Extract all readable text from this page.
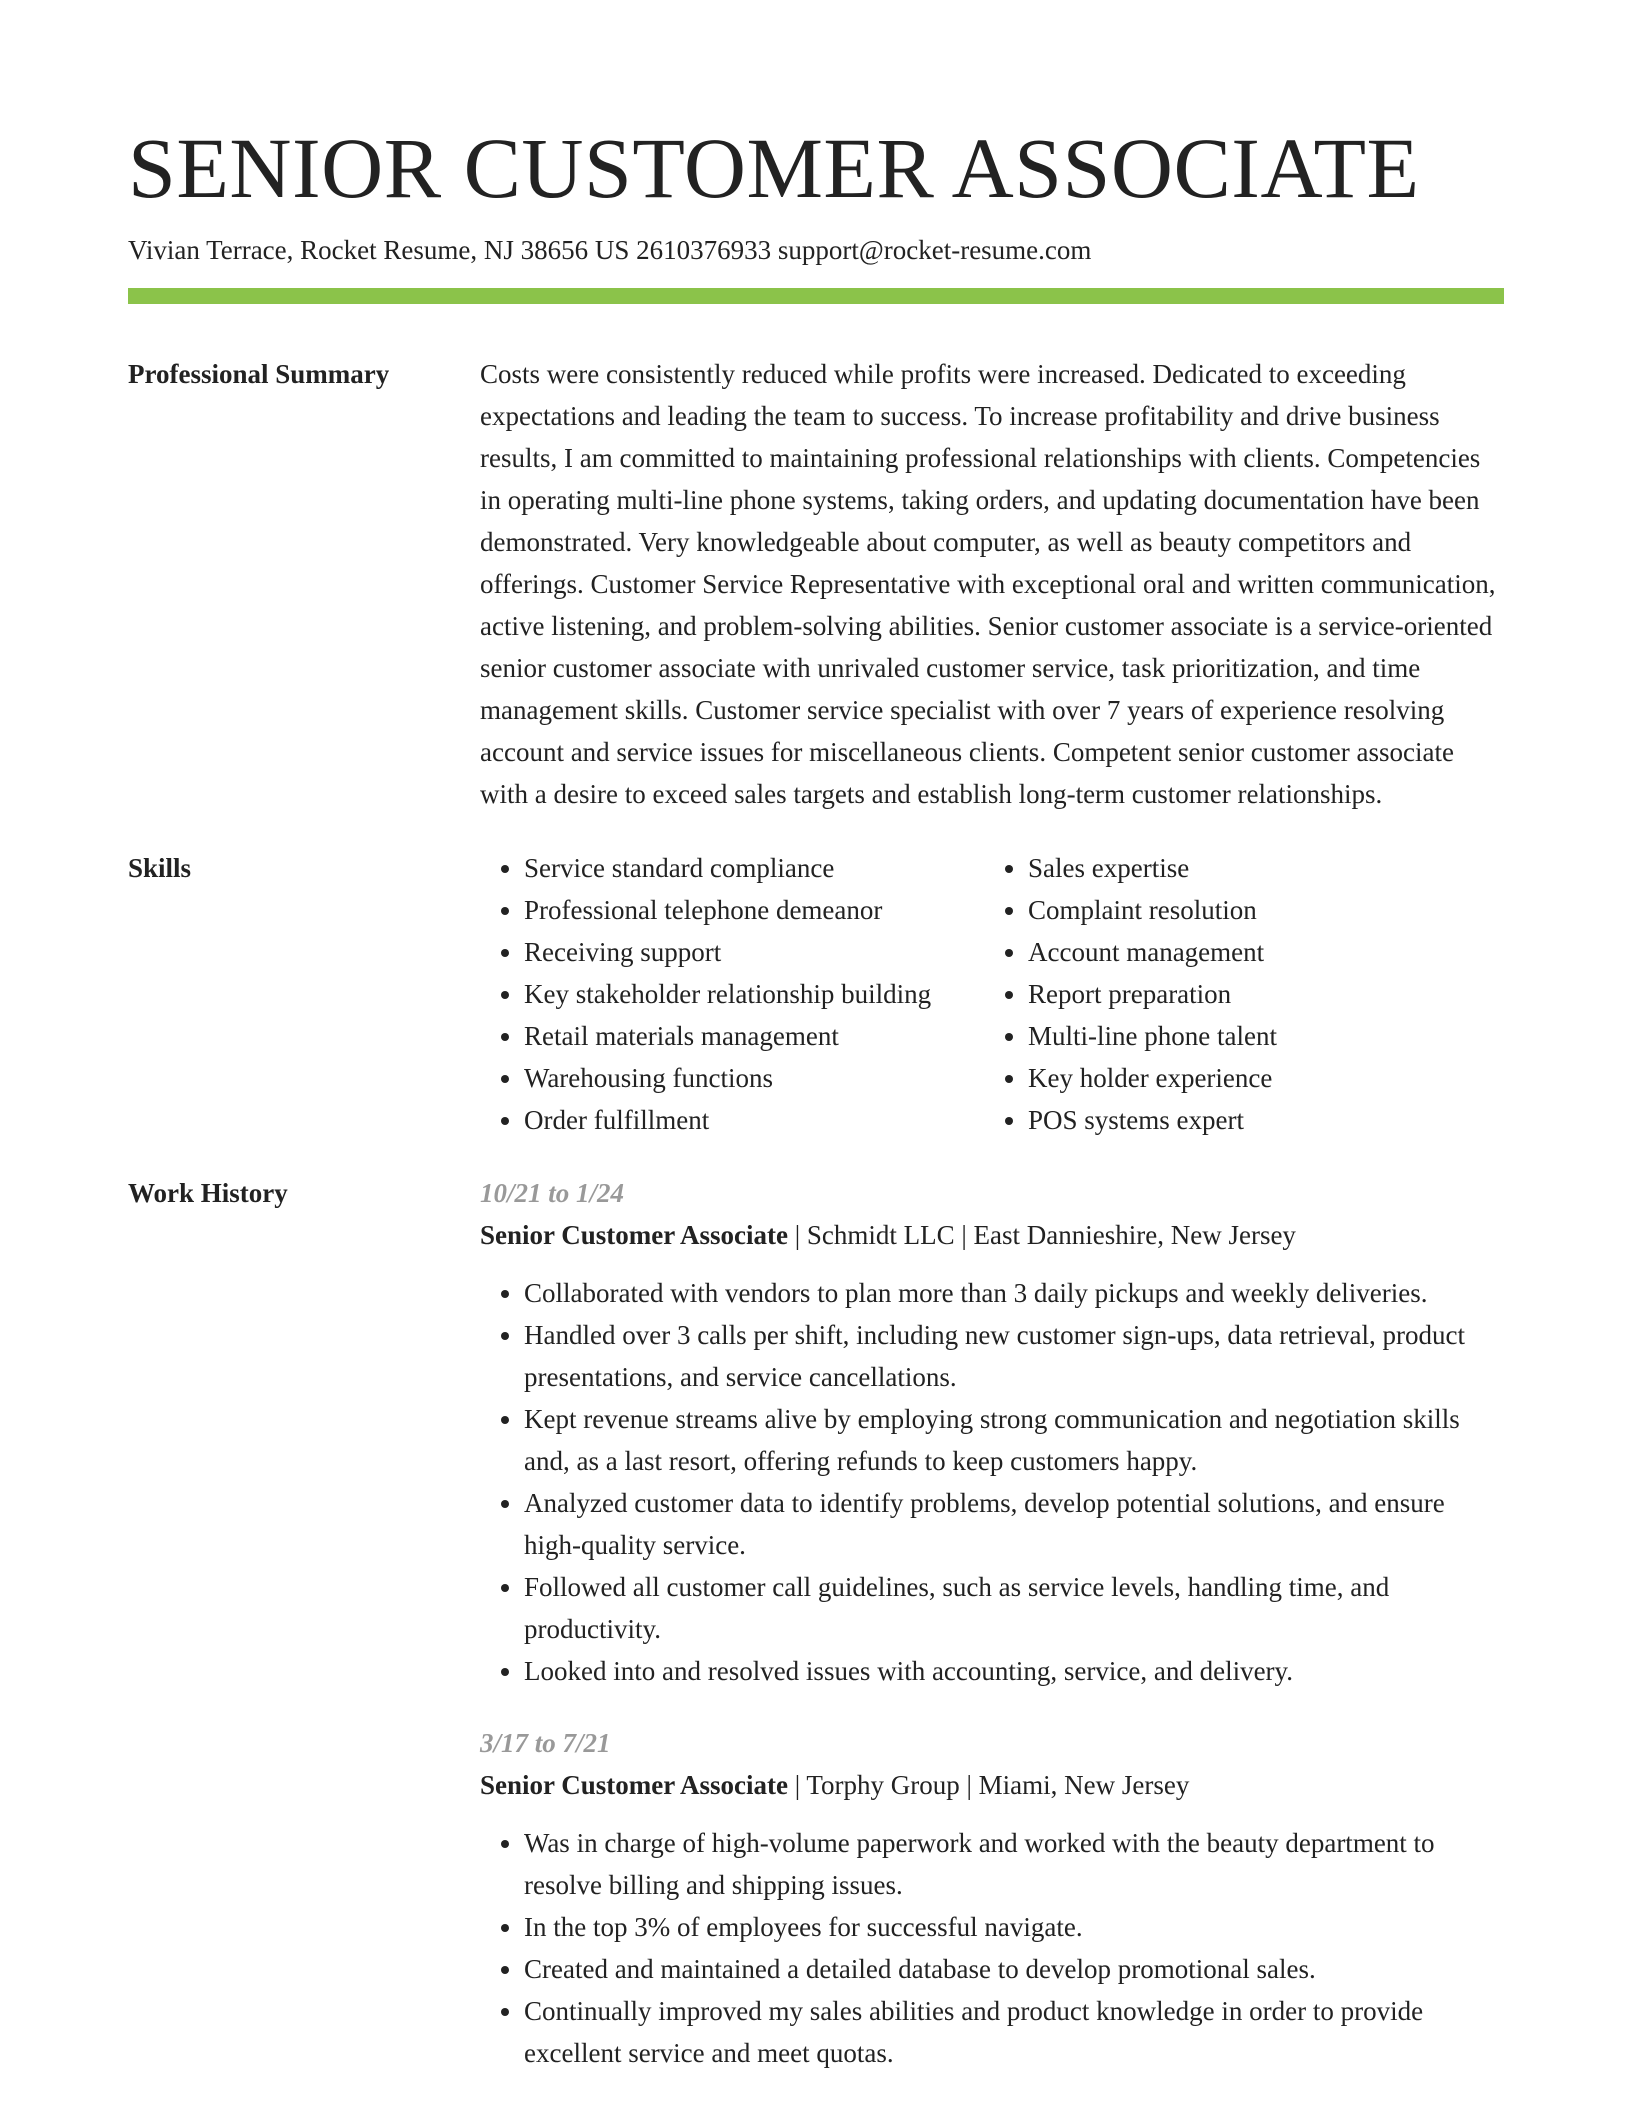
SENIOR CUSTOMER ASSOCIATE
Vivian Terrace, Rocket Resume, NJ 38656 US 2610376933 support@rocket-resume.com
Professional Summary	Costs were consistently reduced while profits were increased. Dedicated to exceeding expectations and leading the team to success. To increase profitability and drive business results, I am committed to maintaining professional relationships with clients. Competencies in operating multi-line phone systems, taking orders, and updating documentation have been demonstrated. Very knowledgeable about computer, as well as beauty competitors and offerings. Customer Service Representative with exceptional oral and written communication, active listening, and problem-solving abilities. Senior customer associate is a service-oriented senior customer associate with unrivaled customer service, task prioritization, and time management skills. Customer service specialist with over 7 years of experience resolving account and service issues for miscellaneous clients. Competent senior customer associate with a desire to exceed sales targets and establish long-term customer relationships.
Skills
•	Service standard compliance
• Professional telephone demeanor
• Receiving support
• Key stakeholder relationship building
• Retail materials management
• Warehousing functions
• Order fulfillment
• Sales expertise
• Complaint resolution
• Account management
• Report preparation
• Multi-line phone talent
• Key holder experience
• POS systems expert
Work History	10/21 to 1/24
Senior Customer Associate | Schmidt LLC | East Dannieshire, New Jersey
• Collaborated with vendors to plan more than 3 daily pickups and weekly deliveries.
• Handled over 3 calls per shift, including new customer sign-ups, data retrieval, product presentations, and service cancellations.
• Kept revenue streams alive by employing strong communication and negotiation skills and, as a last resort, offering refunds to keep customers happy.
• Analyzed customer data to identify problems, develop potential solutions, and ensure high-quality service.
• Followed all customer call guidelines, such as service levels, handling time, and productivity.
• Looked into and resolved issues with accounting, service, and delivery.
3/17 to 7/21
Senior Customer Associate | Torphy Group | Miami, New Jersey
• Was in charge of high-volume paperwork and worked with the beauty department to resolve billing and shipping issues.
• In the top 3% of employees for successful navigate.
• Created and maintained a detailed database to develop promotional sales.
• Continually improved my sales abilities and product knowledge in order to provide excellent service and meet quotas.
